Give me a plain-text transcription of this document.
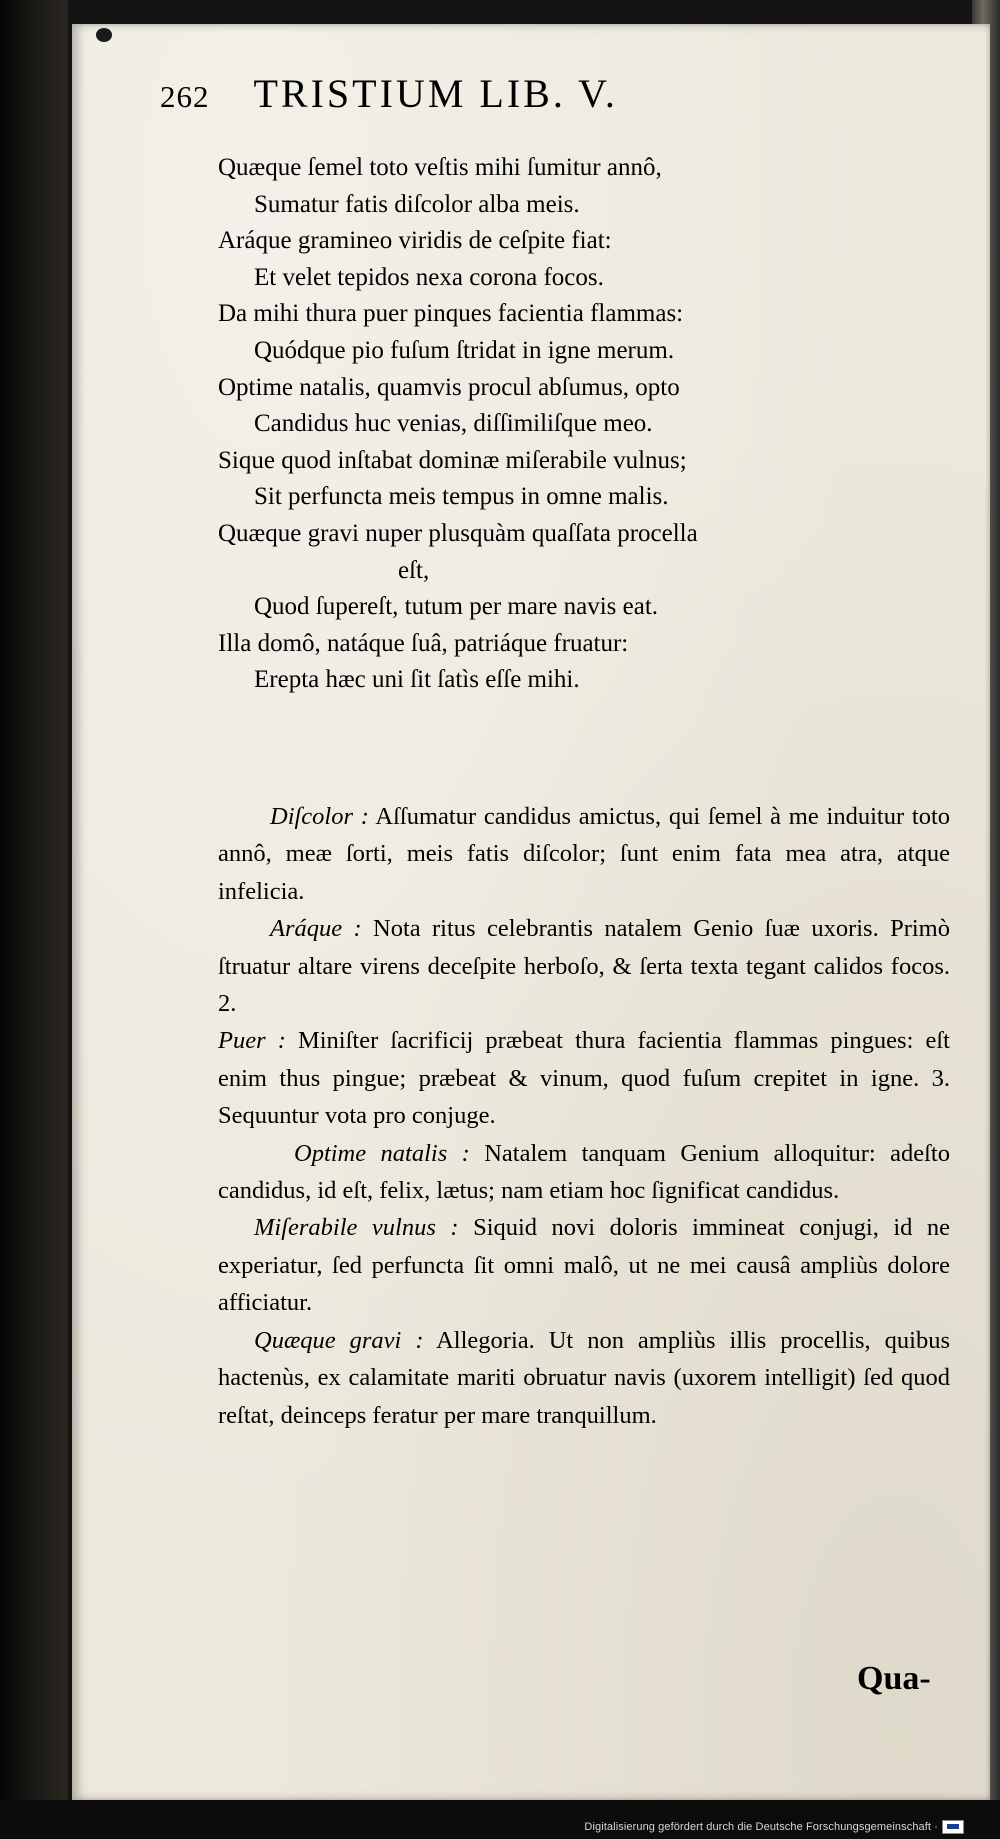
262 TRISTIUM LIB. V.
Quæque ſemel toto veſtis mihi ſumitur annô,
Sumatur fatis diſcolor alba meis.
Aráque gramineo viridis de ceſpite fiat:
Et velet tepidos nexa corona focos.
Da mihi thura puer pinques facientia flammas:
Quódque pio fuſum ſtridat in igne merum.
Optime natalis, quamvis procul abſumus, opto
Candidus huc venias, diſſimiliſque meo.
Sique quod inſtabat dominæ miſerabile vulnus;
Sit perfuncta meis tempus in omne malis.
Quæque gravi nuper plusquàm quaſſata procella
eſt,
Quod ſupereſt, tutum per mare navis eat.
Illa domô, natáque ſuâ, patriáque fruatur:
Erepta hæc uni ſit ſatìs eſſe mihi.

Diſcolor : Aſſumatur candidus amictus, qui ſemel à me induitur toto annô, meæ ſorti, meis fatis diſcolor; ſunt enim fata mea atra, atque infelicia.

Aráque : Nota ritus celebrantis natalem Genio ſuæ uxoris. Primò ſtruatur altare virens deceſpite herboſo, & ſerta texta tegant calidos focos. 2.

Puer : Miniſter ſacrificij præbeat thura facientia flammas pingues: eſt enim thus pingue; præbeat & vinum, quod fuſum crepitet in igne. 3. Sequuntur vota pro conjuge.

Optime natalis : Natalem tanquam Genium alloquitur: adeſto candidus, id eſt, felix, lætus; nam etiam hoc ſignificat candidus.

Miſerabile vulnus : Siquid novi doloris immineat conjugi, id ne experiatur, ſed perfuncta ſit omni malô, ut ne mei causâ ampliùs dolore afficiatur.

Quæque gravi : Allegoria. Ut non ampliùs illis procellis, quibus hactenùs, ex calamitate mariti obruatur navis (uxorem intelligit) ſed quod reſtat, deinceps feratur per mare tranquillum.

Qua-
Digitalisierung gefördert durch die Deutsche Forschungsgemeinschaft ·
